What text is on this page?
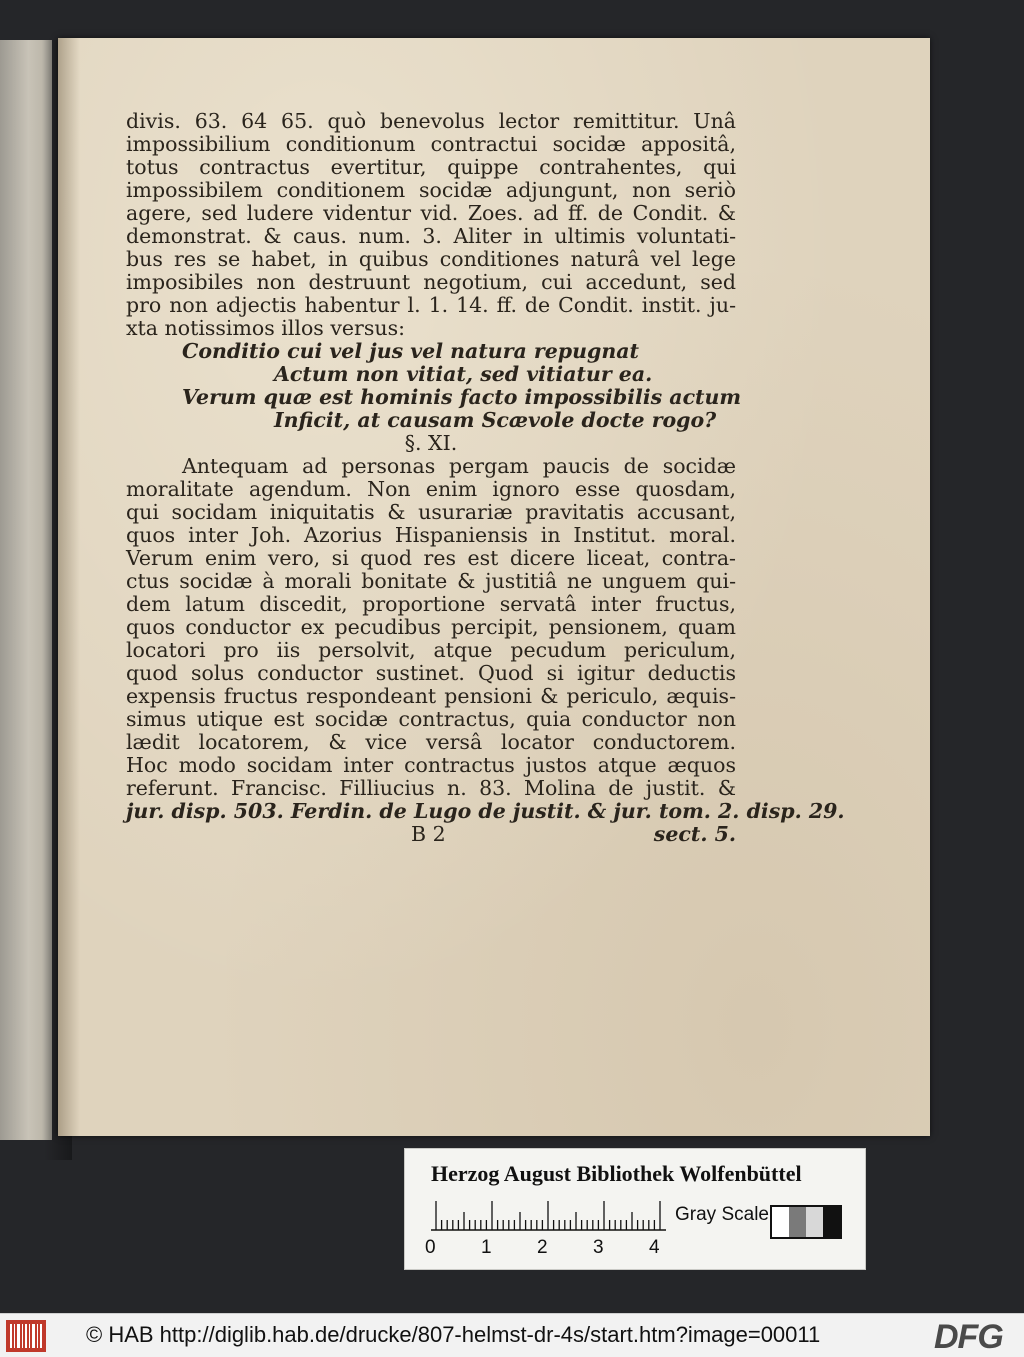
divis. 63. 64 65. quò benevolus lector remittitur. Unâ
impossibilium conditionum contractui socidæ appositâ,
totus contractus evertitur, quippe contrahentes, qui
impossibilem conditionem socidæ adjungunt, non seriò
agere, sed ludere videntur vid. Zoes. ad ff. de Condit. &
demonstrat. & caus. num. 3. Aliter in ultimis voluntati-
bus res se habet, in quibus conditiones naturâ vel lege
imposibiles non destruunt negotium, cui accedunt, sed
pro non adjectis habentur l. 1. 14. ff. de Condit. instit. ju-
xta notissimos illos versus:
Conditio cui vel jus vel natura repugnat
Actum non vitiat, sed vitiatur ea.
Verum quæ est hominis facto impossibilis actum
Inficit, at causam Scævole docte rogo?
§. XI.
Antequam ad personas pergam paucis de socidæ
moralitate agendum. Non enim ignoro esse quosdam,
qui socidam iniquitatis & usurariæ pravitatis accusant,
quos inter Joh. Azorius Hispaniensis in Institut. moral.
Verum enim vero, si quod res est dicere liceat, contra-
ctus socidæ à morali bonitate & justitiâ ne unguem qui-
dem latum discedit, proportione servatâ inter fructus,
quos conductor ex pecudibus percipit, pensionem, quam
locatori pro iis persolvit, atque pecudum periculum,
quod solus conductor sustinet. Quod si igitur deductis
expensis fructus respondeant pensioni & periculo, æquis-
simus utique est socidæ contractus, quia conductor non
lædit locatorem, & vice versâ locator conductorem.
Hoc modo socidam inter contractus justos atque æquos
referunt. Francisc. Filliucius n. 83. Molina de justit. &
jur. disp. 503. Ferdin. de Lugo de justit. & jur. tom. 2. disp. 29.
B 2	sect. 5.
Herzog August Bibliothek Wolfenbüttel
0 1 2 3 4
Gray Scale
© HAB http://diglib.hab.de/drucke/807-helmst-dr-4s/start.htm?image=00011	DFG
